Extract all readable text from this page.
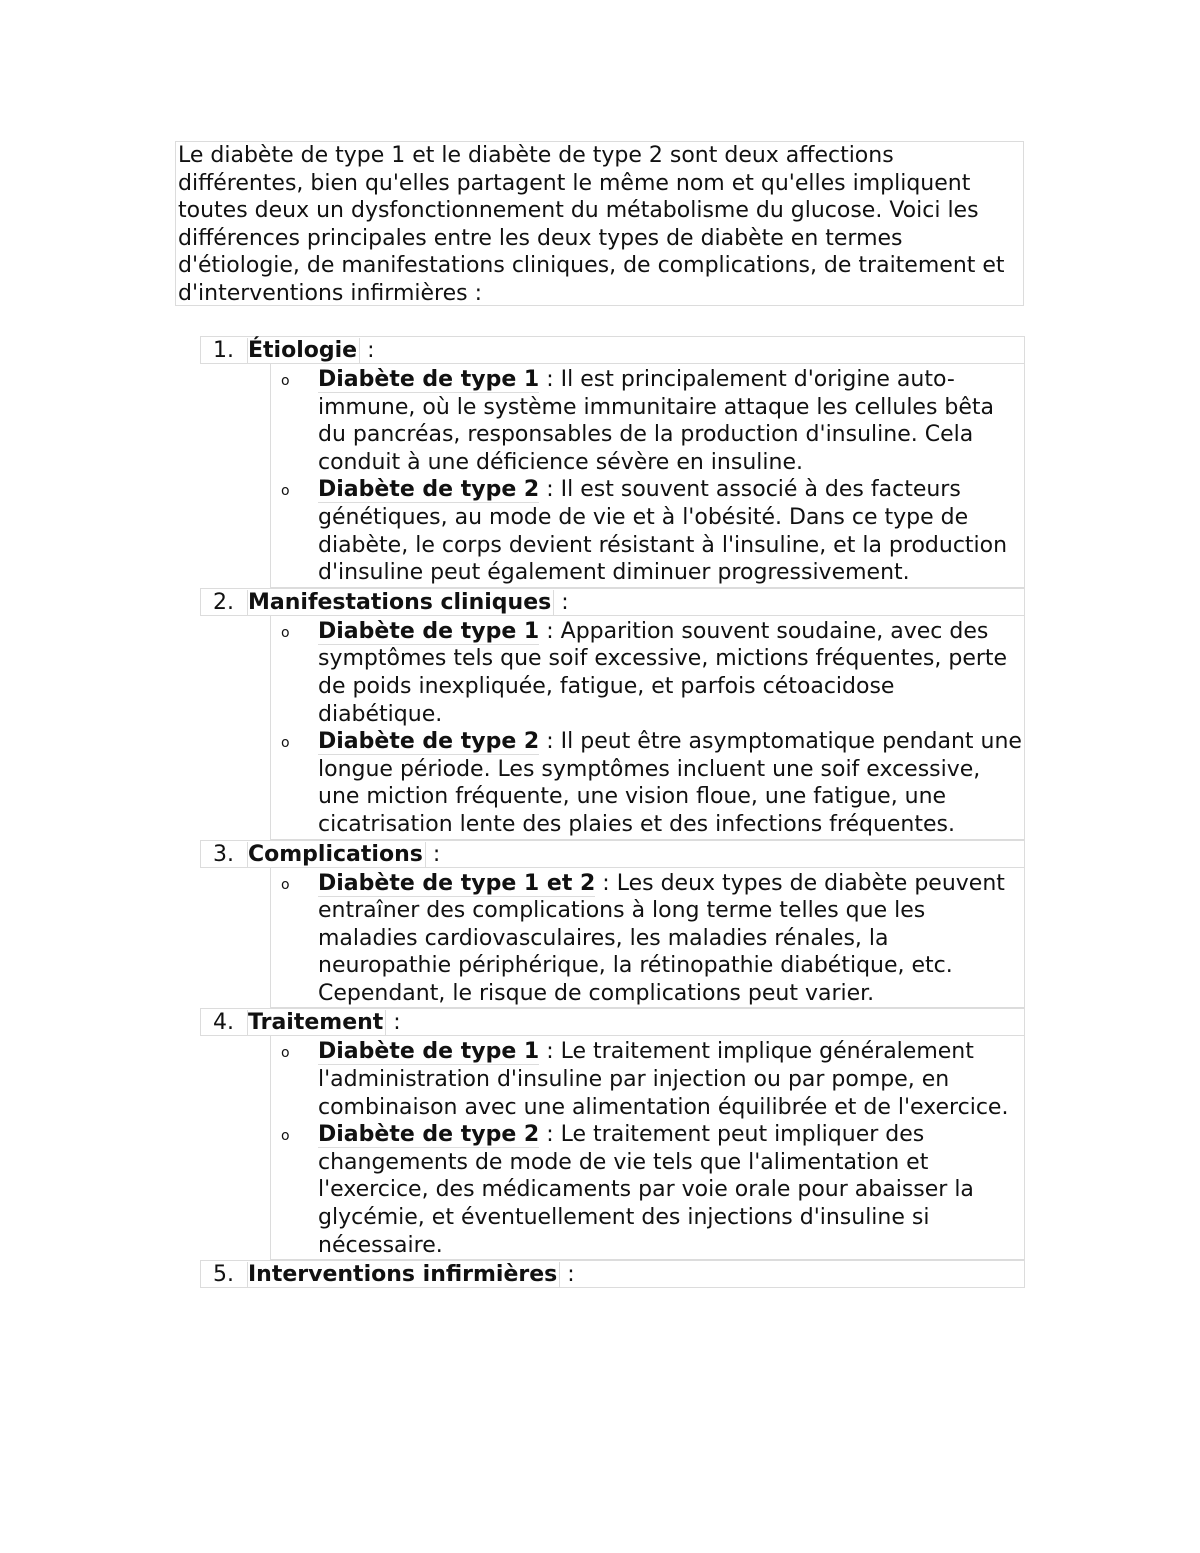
Le diabète de type 1 et le diabète de type 2 sont deux affections différentes, bien qu'elles partagent le même nom et qu'elles impliquent toutes deux un dysfonctionnement du métabolisme du glucose. Voici les différences principales entre les deux types de diabète en termes d'étiologie, de manifestations cliniques, de complications, de traitement et d'interventions infirmières :

1. Étiologie :
o Diabète de type 1 : Il est principalement d'origine auto-immune, où le système immunitaire attaque les cellules bêta du pancréas, responsables de la production d'insuline. Cela conduit à une déficience sévère en insuline.
o Diabète de type 2 : Il est souvent associé à des facteurs génétiques, au mode de vie et à l'obésité. Dans ce type de diabète, le corps devient résistant à l'insuline, et la production d'insuline peut également diminuer progressivement.
2. Manifestations cliniques :
o Diabète de type 1 : Apparition souvent soudaine, avec des symptômes tels que soif excessive, mictions fréquentes, perte de poids inexpliquée, fatigue, et parfois cétoacidose diabétique.
o Diabète de type 2 : Il peut être asymptomatique pendant une longue période. Les symptômes incluent une soif excessive, une miction fréquente, une vision floue, une fatigue, une cicatrisation lente des plaies et des infections fréquentes.
3. Complications :
o Diabète de type 1 et 2 : Les deux types de diabète peuvent entraîner des complications à long terme telles que les maladies cardiovasculaires, les maladies rénales, la neuropathie périphérique, la rétinopathie diabétique, etc. Cependant, le risque de complications peut varier.
4. Traitement :
o Diabète de type 1 : Le traitement implique généralement l'administration d'insuline par injection ou par pompe, en combinaison avec une alimentation équilibrée et de l'exercice.
o Diabète de type 2 : Le traitement peut impliquer des changements de mode de vie tels que l'alimentation et l'exercice, des médicaments par voie orale pour abaisser la glycémie, et éventuellement des injections d'insuline si nécessaire.
5. Interventions infirmières :
